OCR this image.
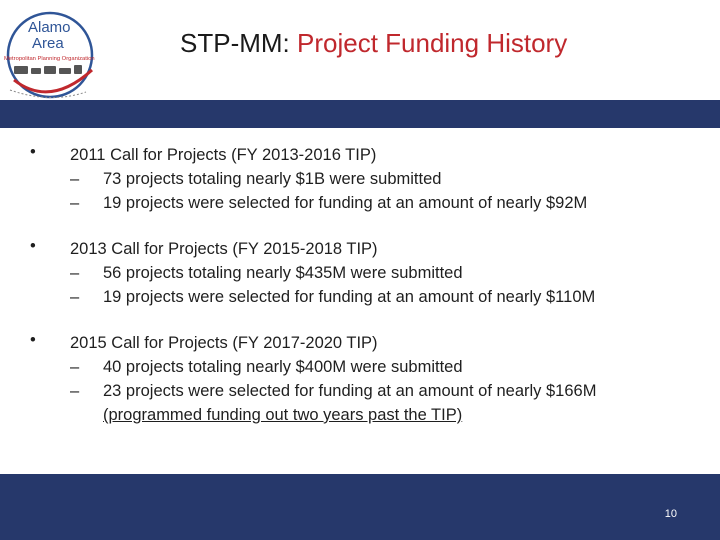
Alamo
Area
Metropolitan Planning Organization
STP-MM: Project Funding History
• 2011 Call for Projects (FY 2013-2016 TIP)
– 73 projects totaling nearly $1B were submitted
– 19 projects were selected for funding at an amount of nearly $92M
• 2013 Call for Projects (FY 2015-2018 TIP)
– 56 projects totaling nearly $435M were submitted
– 19 projects were selected for funding at an amount of nearly $110M
• 2015 Call for Projects (FY 2017-2020 TIP)
– 40 projects totaling nearly $400M were submitted
– 23 projects were selected for funding at an amount of nearly $166M (programmed funding out two years past the TIP)
10
